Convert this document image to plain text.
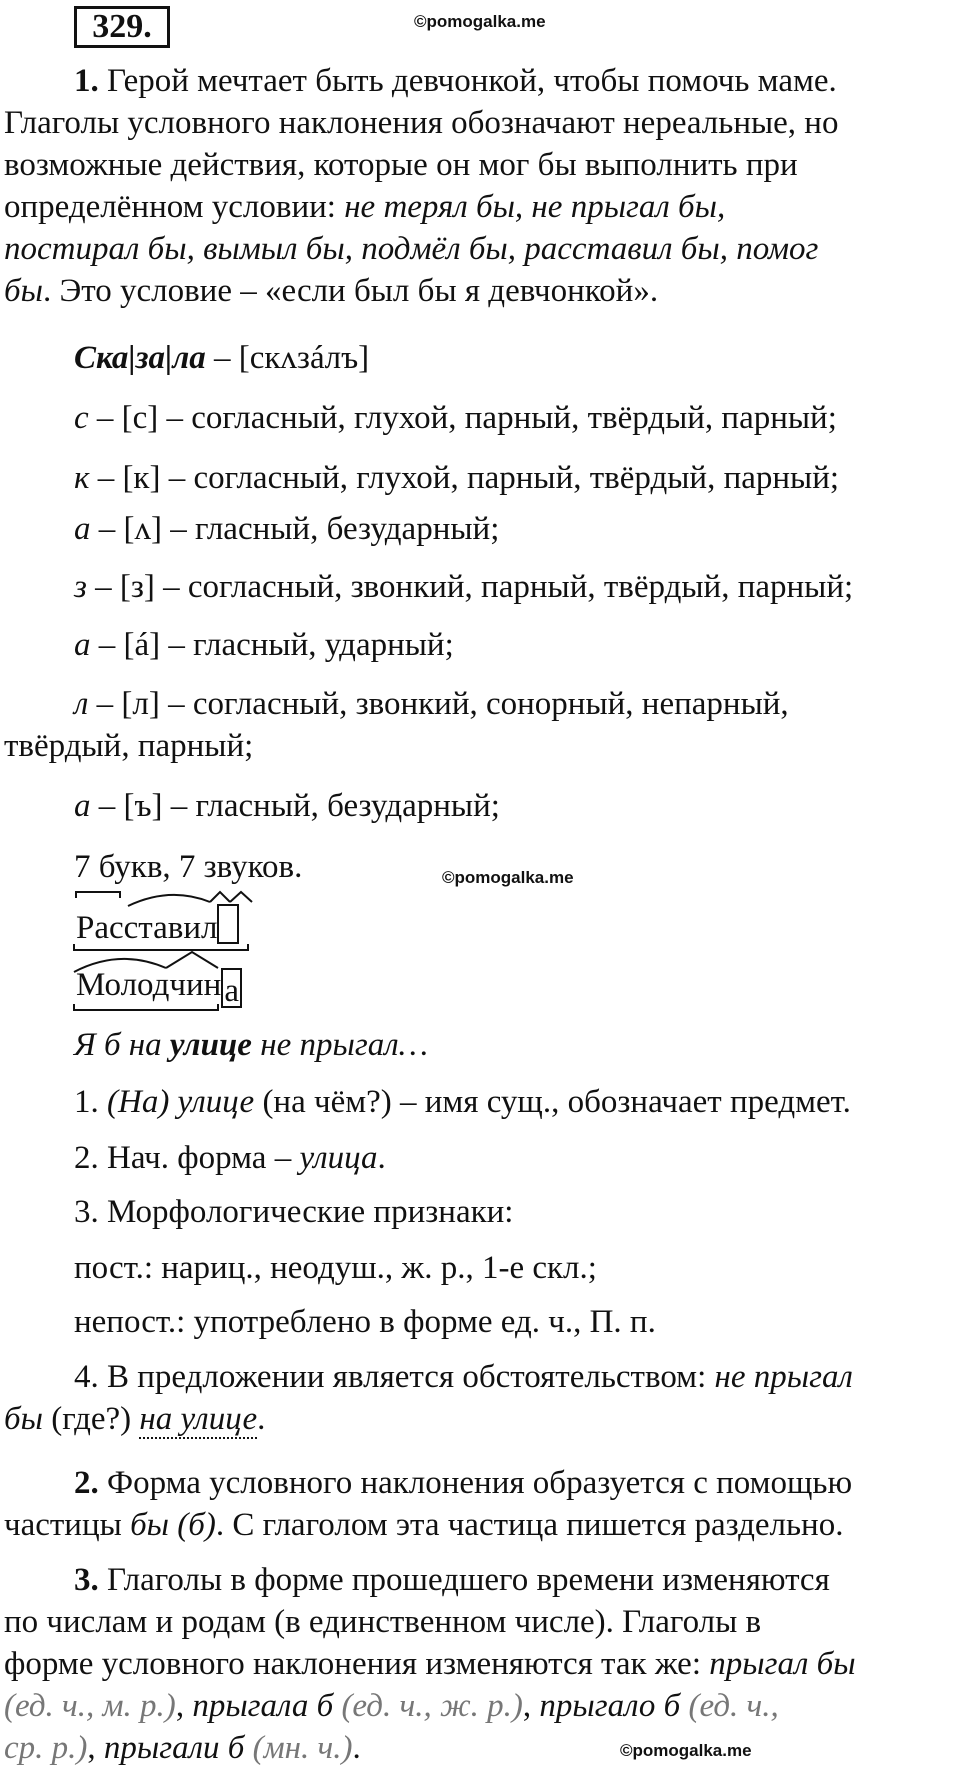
329.	©pomogalka.me

1. Герой мечтает быть девчонкой, чтобы помочь маме.

Глаголы условного наклонения обозначают нереальные, но

возможные действия, которые он мог бы выполнить при

определённом условии: не терял бы, не прыгал бы,

постирал бы, вымыл бы, подмёл бы, расставил бы, помог

бы. Это условие – «если был бы я девчонкой».

Ска|за|ла – [скʌзáлъ]
с – [с] – согласный, глухой, парный, твёрдый, парный;
к – [к] – согласный, глухой, парный, твёрдый, парный;
а – [ʌ] – гласный, безударный;
з – [з] – согласный, звонкий, парный, твёрдый, парный;
а – [á] – гласный, ударный;
л – [л] – согласный, звонкий, сонорный, непарный,
твёрдый, парный;
а – [ъ] – гласный, безударный;
7 букв, 7 звуков.	©pomogalka.me
Расставил
Молодчина
Я б на улице не прыгал…
1. (На) улице (на чём?) – имя сущ., обозначает предмет.
2. Нач. форма – улица.
3. Морфологические признаки:
пост.: нариц., неодуш., ж. р., 1-е скл.;
непост.: употреблено в форме ед. ч., П. п.
4. В предложении является обстоятельством: не прыгал
бы (где?) на улице.

2. Форма условного наклонения образуется с помощью

частицы бы (б). С глаголом эта частица пишется раздельно.

3. Глаголы в форме прошедшего времени изменяются

по числам и родам (в единственном числе). Глаголы в

форме условного наклонения изменяются так же: прыгал бы

(ед. ч., м. р.), прыгала б (ед. ч., ж. р.), прыгало б (ед. ч.,

ср. р.), прыгали б (мн. ч.).	©pomogalka.me
